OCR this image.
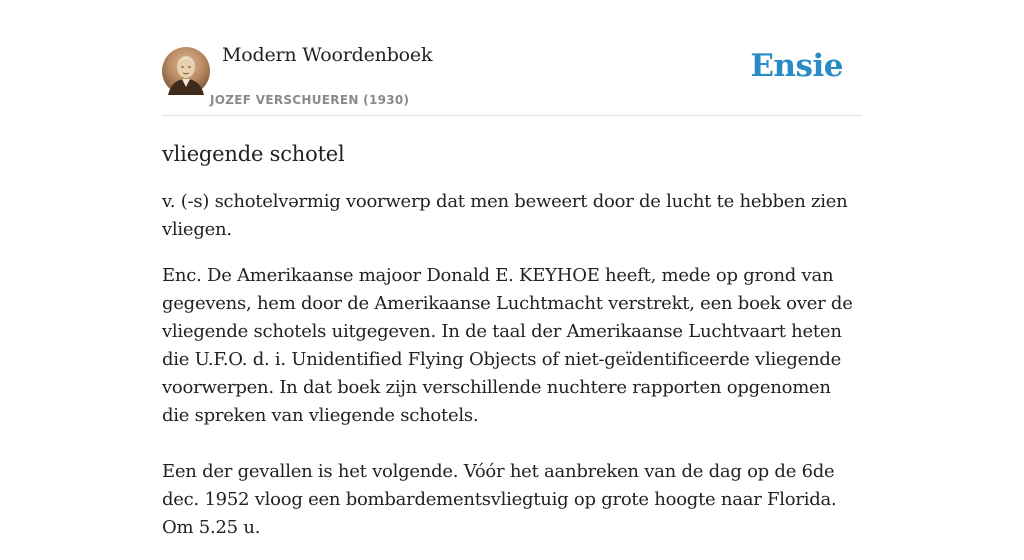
Modern Woordenboek
JOZEF VERSCHUEREN (1930)
Ensie
vliegende schotel

v. (-s) schotelvərmig voorwerp dat men beweert door de lucht te hebben zien vliegen.

Enc. De Amerikaanse majoor Donald E. KEYHOE heeft, mede op grond van gegevens, hem door de Amerikaanse Luchtmacht verstrekt, een boek over de vliegende schotels uitgegeven. In de taal der Amerikaanse Luchtvaart heten die U.F.O. d. i. Unidentified Flying Objects of niet-geïdentificeerde vliegende voorwerpen. In dat boek zijn verschillende nuchtere rapporten opgenomen die spreken van vliegende schotels.

Een der gevallen is het volgende. Vóór het aanbreken van de dag op de 6de dec. 1952 vloog een bombardementsvliegtuig op grote hoogte naar Florida. Om 5.25 u.
